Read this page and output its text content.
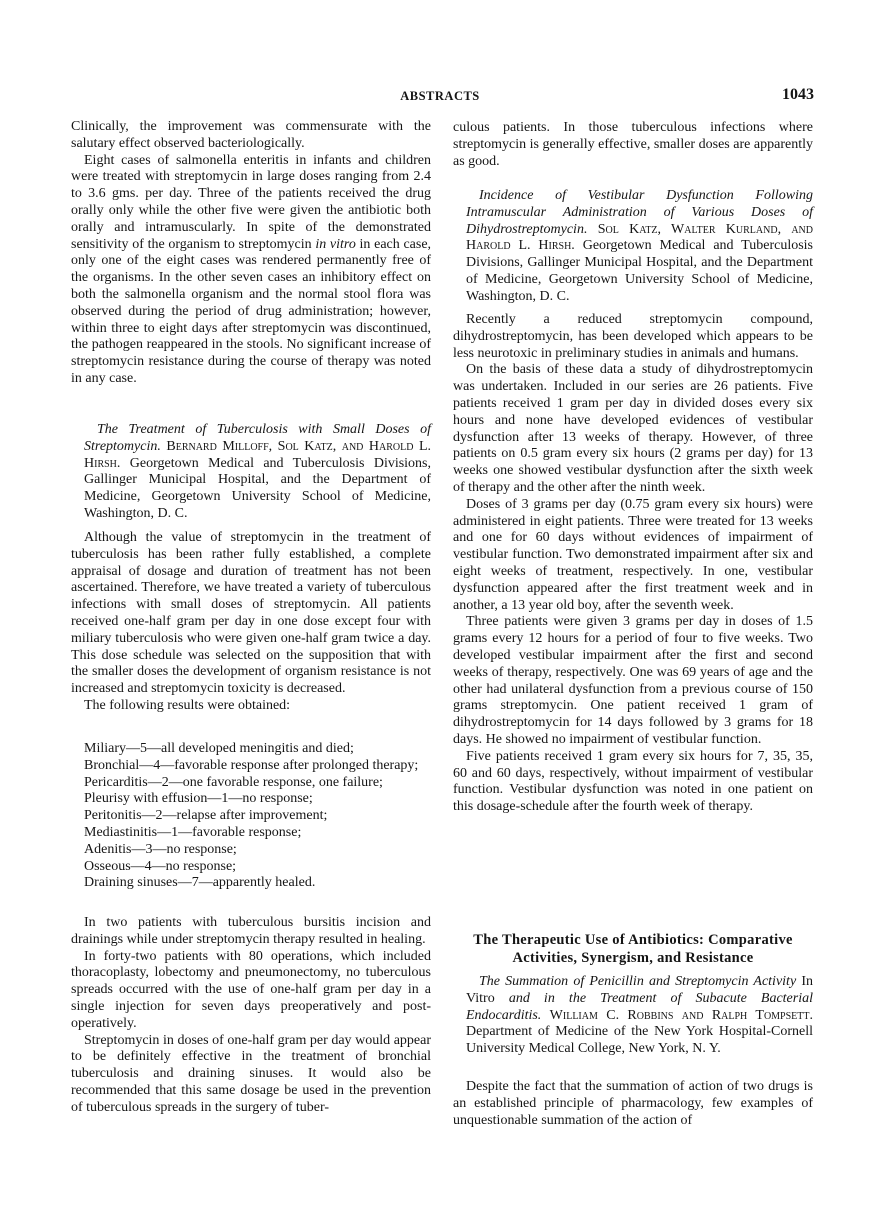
ABSTRACTS	1043

Clinically, the improvement was commensurate with the salutary effect observed bacteriologically.

Eight cases of salmonella enteritis in infants and children were treated with streptomycin in large doses ranging from 2.4 to 3.6 gms. per day. Three of the patients received the drug orally only while the other five were given the antibiotic both orally and intramuscularly. In spite of the demonstrated sensitivity of the organism to streptomycin in vitro in each case, only one of the eight cases was rendered permanently free of the organisms. In the other seven cases an inhibitory effect on both the salmonella organism and the normal stool flora was observed during the period of drug administration; however, within three to eight days after streptomycin was discontinued, the pathogen reappeared in the stools. No significant increase of streptomycin resistance during the course of therapy was noted in any case.

The Treatment of Tuberculosis with Small Doses of Streptomycin. Bernard Milloff, Sol Katz, and Harold L. Hirsh. Georgetown Medical and Tuberculosis Divisions, Gallinger Municipal Hospital, and the Department of Medicine, Georgetown University School of Medicine, Washington, D. C.

Although the value of streptomycin in the treatment of tuberculosis has been rather fully established, a complete appraisal of dosage and duration of treatment has not been ascertained. Therefore, we have treated a variety of tuberculous infections with small doses of streptomycin. All patients received one-half gram per day in one dose except four with miliary tuberculosis who were given one-half gram twice a day. This dose schedule was selected on the supposition that with the smaller doses the development of organism resistance is not increased and streptomycin toxicity is decreased.

The following results were obtained:

Miliary—5—all developed meningitis and died;
Bronchial—4—favorable response after prolonged therapy;
Pericarditis—2—one favorable response, one failure;
Pleurisy with effusion—1—no response;
Peritonitis—2—relapse after improvement;
Mediastinitis—1—favorable response;
Adenitis—3—no response;
Osseous—4—no response;
Draining sinuses—7—apparently healed.

In two patients with tuberculous bursitis incision and drainings while under streptomycin therapy resulted in healing.

In forty-two patients with 80 operations, which included thoracoplasty, lobectomy and pneumonectomy, no tuberculous spreads occurred with the use of one-half gram per day in a single injection for seven days preoperatively and post-operatively.

Streptomycin in doses of one-half gram per day would appear to be definitely effective in the treatment of bronchial tuberculosis and draining sinuses. It would also be recommended that this same dosage be used in the prevention of tuberculous spreads in the surgery of tuber-

culous patients. In those tuberculous infections where streptomycin is generally effective, smaller doses are apparently as good.

Incidence of Vestibular Dysfunction Following Intramuscular Administration of Various Doses of Dihydrostreptomycin. Sol Katz, Walter Kurland, and Harold L. Hirsh. Georgetown Medical and Tuberculosis Divisions, Gallinger Municipal Hospital, and the Department of Medicine, Georgetown University School of Medicine, Washington, D. C.

Recently a reduced streptomycin compound, dihydrostreptomycin, has been developed which appears to be less neurotoxic in preliminary studies in animals and humans.

On the basis of these data a study of dihydrostreptomycin was undertaken. Included in our series are 26 patients. Five patients received 1 gram per day in divided doses every six hours and none have developed evidences of vestibular dysfunction after 13 weeks of therapy. However, of three patients on 0.5 gram every six hours (2 grams per day) for 13 weeks one showed vestibular dysfunction after the sixth week of therapy and the other after the ninth week.

Doses of 3 grams per day (0.75 gram every six hours) were administered in eight patients. Three were treated for 13 weeks and one for 60 days without evidences of impairment of vestibular function. Two demonstrated impairment after six and eight weeks of treatment, respectively. In one, vestibular dysfunction appeared after the first treatment week and in another, a 13 year old boy, after the seventh week.

Three patients were given 3 grams per day in doses of 1.5 grams every 12 hours for a period of four to five weeks. Two developed vestibular impairment after the first and second weeks of therapy, respectively. One was 69 years of age and the other had unilateral dysfunction from a previous course of 150 grams streptomycin. One patient received 1 gram of dihydrostreptomycin for 14 days followed by 3 grams for 18 days. He showed no impairment of vestibular function.

Five patients received 1 gram every six hours for 7, 35, 35, 60 and 60 days, respectively, without impairment of vestibular function. Vestibular dysfunction was noted in one patient on this dosage-schedule after the fourth week of therapy.

The Therapeutic Use of Antibiotics: Comparative
Activities, Synergism, and Resistance

The Summation of Penicillin and Streptomycin Activity In Vitro and in the Treatment of Subacute Bacterial Endocarditis. William C. Robbins and Ralph Tompsett. Department of Medicine of the New York Hospital-Cornell University Medical College, New York, N. Y.

Despite the fact that the summation of action of two drugs is an established principle of pharmacology, few examples of unquestionable summation of the action of
